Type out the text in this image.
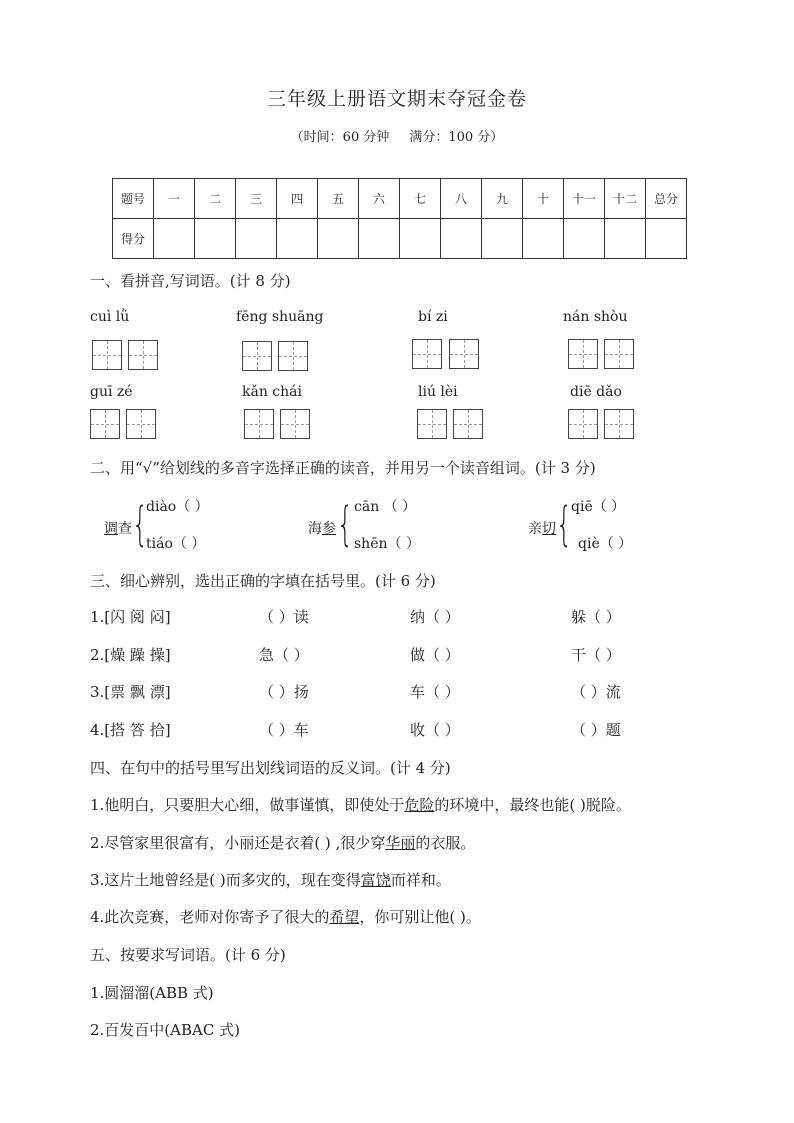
三年级上册语文期末夺冠金卷
（时间：60 分钟 满分：100 分）
题号	一	二	三	四	五	六	七	八	九	十	十一	十二	总分
得分													
一、看拼音,写词语。(计 8 分)
cuì lǜ	fēng shuāng	bí zi	nán shòu
guī zé	kǎn chái	liú lèi	diē dǎo
二、用“√”给划线的多音字选择正确的读音，并用另一个读音组词。(计 3 分)
调查 {
diào（ ）
tiáo（ ）
海参 { cān （ ）
shēn（ ）
亲切 {
qiē（ ）
qiè（ ）
三、细心辨别，选出正确的字填在括号里。(计 6 分)
1.[闪 阅 闷]	（ ）读	纳（ ）	躲（ ）
2.[燥 躁 操]	急（ ）	做（ ）	干（ ）
3.[票 飘 漂]	（ ）扬	车（ ）	（ ）流
4.[搭 答 拾]	（ ）车	收（ ）	（ ）题
四、在句中的括号里写出划线词语的反义词。(计 4 分)
1.他明白，只要胆大心细，做事谨慎，即使处于危险的环境中，最终也能( )脱险。
2.尽管家里很富有，小丽还是衣着( ) ,很少穿华丽的衣服。
3.这片土地曾经是( )而多灾的，现在变得富饶而祥和。
4.此次竞赛，老师对你寄予了很大的希望，你可别让他( )。
五、按要求写词语。(计 6 分)
1.圆溜溜(ABB 式)
2.百发百中(ABAC 式)
